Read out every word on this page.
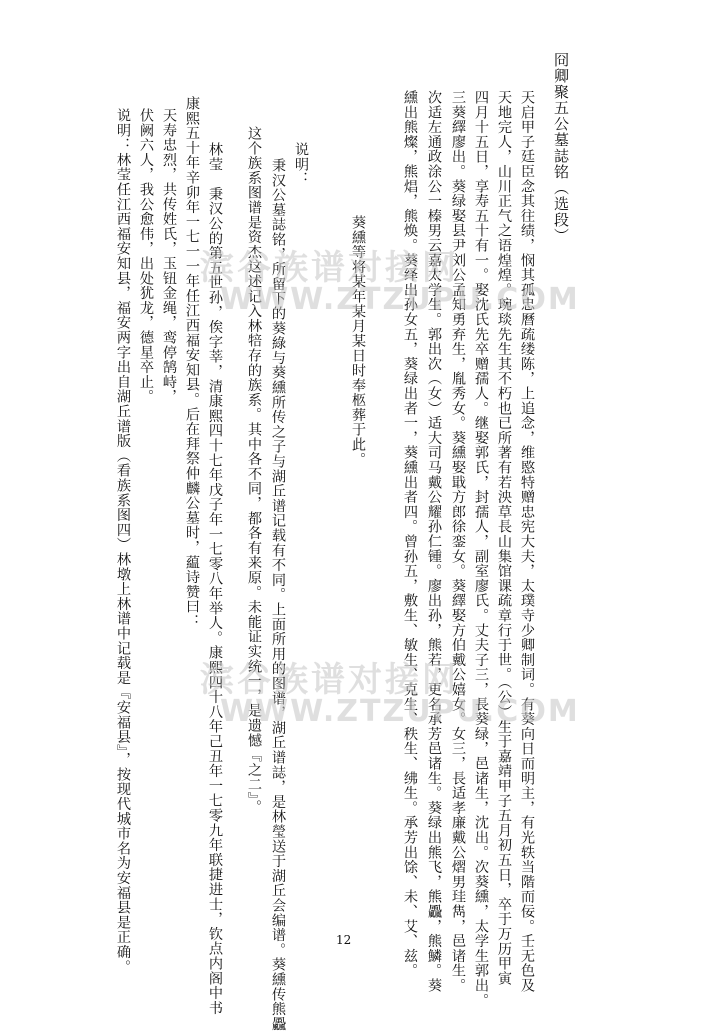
冏卿聚五公墓誌铭（选段）
天启甲子廷臣念其往绩，悯其孤忠曆疏缕陈，上追念，维愍特赠忠宪大夫，太璞寺少卿制词。有葵向日而明主，有光轶当階而佞。壬无色及
天地完人，山川正气之语煌煌。琬琰先生其不朽也已所著有若泱草長山集馆课疏章行于世。（公）生于嘉靖甲子五月初五日，卒于万历甲寅
四月十五日，享寿五十有一。娶沈氏先卒赠孺人。继娶郭氏，封孺人，副室廖氏。丈夫子三，長葵绿，邑诸生，沈出。次葵纁，太学生郭出。
三葵繹廖出。葵绿娶县尹刘公孟知勇弃生，胤秀女。葵纁娶戢方郎徐銮女。葵繹娶方伯戴公嬉女。女三，長适孝廉戴公熠男珪雋，邑诸生。
次适左通政涂公一榛男云嘉太学生。郭出次（女）适大司马戴公耀孙仁锺。廖出孙，熊若，更名承芳邑诸生。葵绿出熊飞，熊飍，熊鱗。葵
纁出熊燦，熊焻，熊焕。葵绎出孙女五，葵绿出者一，葵纁出者四。曾孙五，敷生、敏生、克生、秩生、绋生。承芳出馀、未、艾、兹。
葵纁等将某年某月某日时奉柩葬于此。
说明：
秉汉公墓誌铭，所留下的葵綠与葵纁所传之子与湖丘谱记载有不同。上面所用的图谱，湖丘谱誌，是林瑩送于湖丘会编谱。葵纁传熊飍
这个族系图谱是资杰这述记入林犃存的族系。其中各不同，都各有来原。未能证实统一，是遗憾『之二』。
林莹　秉汉公的第五世孙，俟字莘，清康熙四十七年戊子年一七零八年举人。康熙四十八年己丑年一七零九年联捷进士，钦点内阁中书
康熙五十年辛卯年一七一一年任江西福安知县。后在拜祭仲麟公墓时，藴诗赞曰：
天寿忠烈，共传姓氏，玉钮金绳，鸾停鹄峙，
伏阙六人，我公愈伟，出处犹龙，德星卒止。
说明：林莹任江西福安知县，福安两字出自湖丘谱版（看族系图四）林墩上林谱中记载是『安福县』，按现代城市名为安福县是正确。 滨谷族谱对接网
WWW.ZTZUPU.COM
滨谷族谱对接网
WWW.ZTZUPU.COM
12
